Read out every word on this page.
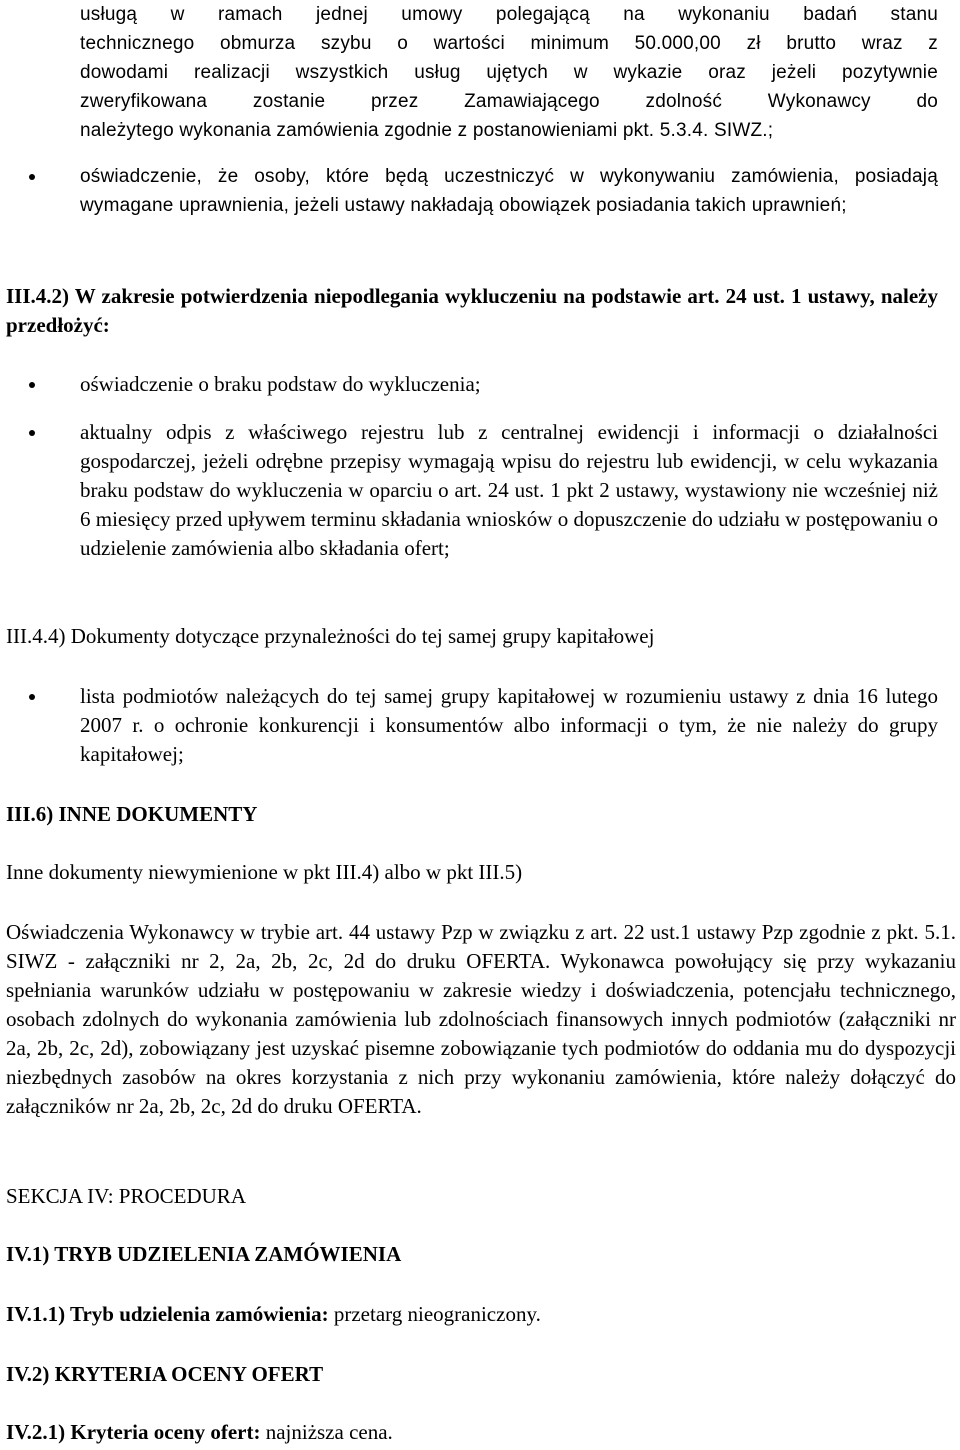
usługą w ramach jednej umowy polegającą na wykonaniu badań stanu

technicznego obmurza szybu o wartości minimum 50.000,00 zł brutto wraz z

dowodami realizacji wszystkich usług ujętych w wykazie oraz jeżeli pozytywnie

zweryfikowana zostanie przez Zamawiającego zdolność Wykonawcy do

należytego wykonania zamówienia zgodnie z postanowieniami pkt. 5.3.4. SIWZ.;

oświadczenie, że osoby, które będą uczestniczyć w wykonywaniu zamówienia, posiadają wymagane uprawnienia, jeżeli ustawy nakładają obowiązek posiadania takich uprawnień;

III.4.2) W zakresie potwierdzenia niepodlegania wykluczeniu na podstawie art. 24 ust. 1 ustawy, należy przedłożyć:

oświadczenie o braku podstaw do wykluczenia;

aktualny odpis z właściwego rejestru lub z centralnej ewidencji i informacji o działalności gospodarczej, jeżeli odrębne przepisy wymagają wpisu do rejestru lub ewidencji, w celu wykazania braku podstaw do wykluczenia w oparciu o art. 24 ust. 1 pkt 2 ustawy, wystawiony nie wcześniej niż 6 miesięcy przed upływem terminu składania wniosków o dopuszczenie do udziału w postępowaniu o udzielenie zamówienia albo składania ofert;

III.4.4) Dokumenty dotyczące przynależności do tej samej grupy kapitałowej

lista podmiotów należących do tej samej grupy kapitałowej w rozumieniu ustawy z dnia 16 lutego 2007 r. o ochronie konkurencji i konsumentów albo informacji o tym, że nie należy do grupy kapitałowej;

III.6) INNE DOKUMENTY

Inne dokumenty niewymienione w pkt III.4) albo w pkt III.5)

Oświadczenia Wykonawcy w trybie art. 44 ustawy Pzp w związku z art. 22 ust.1 ustawy Pzp zgodnie z pkt. 5.1. SIWZ - załączniki nr 2, 2a, 2b, 2c, 2d do druku OFERTA. Wykonawca powołujący się przy wykazaniu spełniania warunków udziału w postępowaniu w zakresie wiedzy i doświadczenia, potencjału technicznego, osobach zdolnych do wykonania zamówienia lub zdolnościach finansowych innych podmiotów (załączniki nr 2a, 2b, 2c, 2d), zobowiązany jest uzyskać pisemne zobowiązanie tych podmiotów do oddania mu do dyspozycji niezbędnych zasobów na okres korzystania z nich przy wykonaniu zamówienia, które należy dołączyć do załączników nr 2a, 2b, 2c, 2d do druku OFERTA.

SEKCJA IV: PROCEDURA

IV.1) TRYB UDZIELENIA ZAMÓWIENIA

IV.1.1) Tryb udzielenia zamówienia: przetarg nieograniczony.

IV.2) KRYTERIA OCENY OFERT

IV.2.1) Kryteria oceny ofert: najniższa cena.
